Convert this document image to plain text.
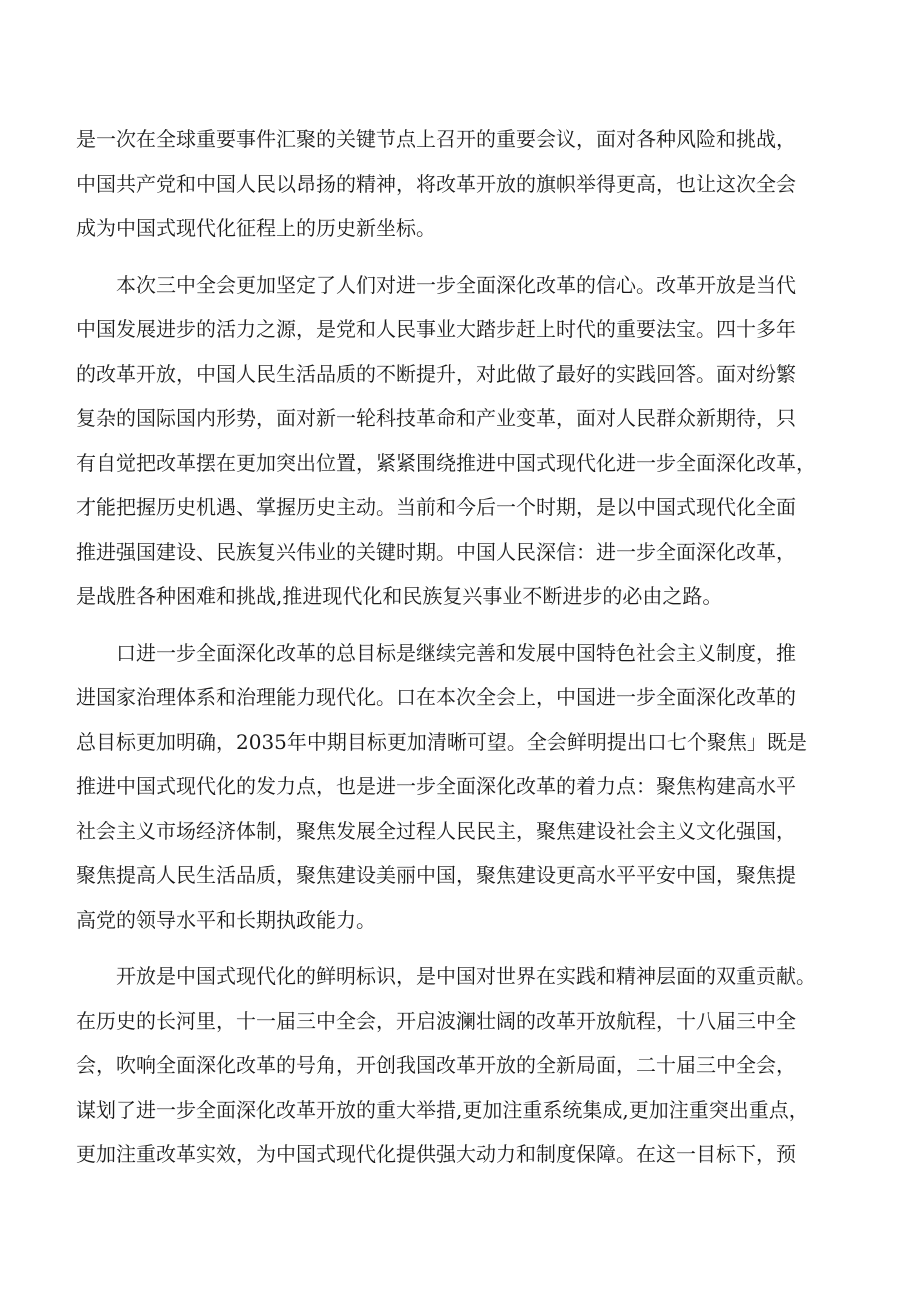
是一次在全球重要事件汇聚的关键节点上召开的重要会议，面对各种风险和挑战，
中国共产党和中国人民以昂扬的精神，将改革开放的旗帜举得更高，也让这次全会
成为中国式现代化征程上的历史新坐标。

本次三中全会更加坚定了人们对进一步全面深化改革的信心。改革开放是当代
中国发展进步的活力之源，是党和人民事业大踏步赶上时代的重要法宝。四十多年
的改革开放，中国人民生活品质的不断提升，对此做了最好的实践回答。面对纷繁
复杂的国际国内形势，面对新一轮科技革命和产业变革，面对人民群众新期待，只
有自觉把改革摆在更加突出位置，紧紧围绕推进中国式现代化进一步全面深化改革，
才能把握历史机遇、掌握历史主动。当前和今后一个时期，是以中国式现代化全面
推进强国建设、民族复兴伟业的关键时期。中国人民深信：进一步全面深化改革，
是战胜各种困难和挑战,推进现代化和民族复兴事业不断进步的必由之路。

口进一步全面深化改革的总目标是继续完善和发展中国特色社会主义制度，推
进国家治理体系和治理能力现代化。口在本次全会上，中国进一步全面深化改革的
总目标更加明确，2035年中期目标更加清晰可望。全会鲜明提出口七个聚焦」既是
推进中国式现代化的发力点，也是进一步全面深化改革的着力点：聚焦构建高水平
社会主义市场经济体制，聚焦发展全过程人民民主，聚焦建设社会主义文化强国，
聚焦提高人民生活品质，聚焦建设美丽中国，聚焦建设更高水平平安中国，聚焦提
高党的领导水平和长期执政能力。

开放是中国式现代化的鲜明标识，是中国对世界在实践和精神层面的双重贡献。
在历史的长河里，十一届三中全会，开启波澜壮阔的改革开放航程，十八届三中全
会，吹响全面深化改革的号角，开创我国改革开放的全新局面，二十届三中全会，
谋划了进一步全面深化改革开放的重大举措,更加注重系统集成,更加注重突出重点，
更加注重改革实效，为中国式现代化提供强大动力和制度保障。在这一目标下，预
